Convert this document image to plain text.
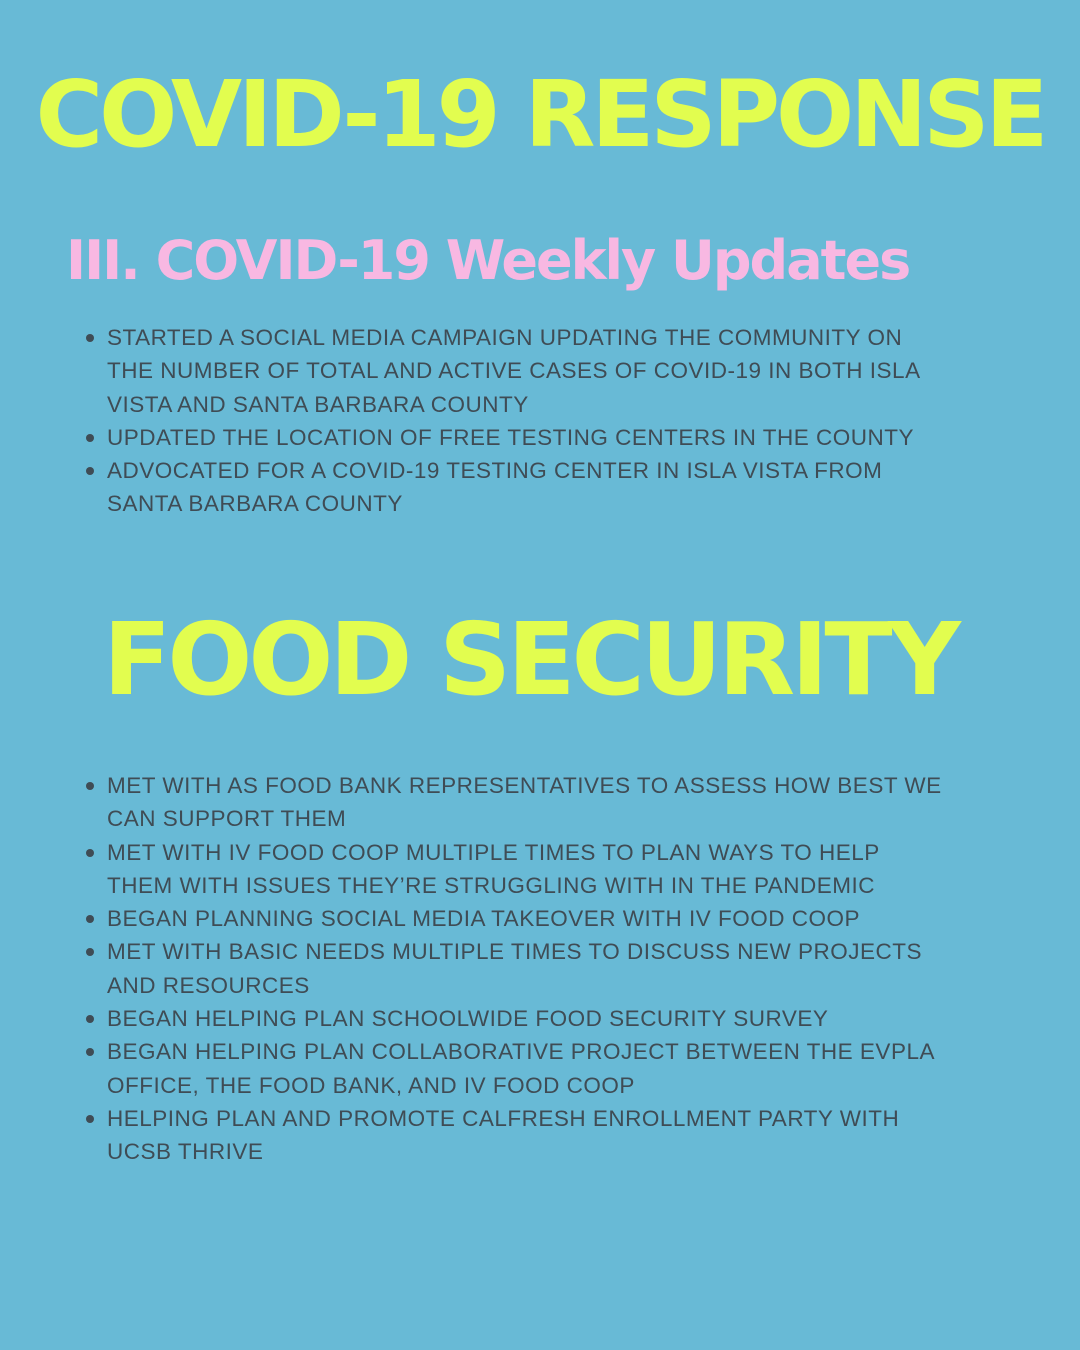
COVID-19 RESPONSE
III. COVID-19 Weekly Updates
STARTED A SOCIAL MEDIA CAMPAIGN UPDATING THE COMMUNITY ON
THE NUMBER OF TOTAL AND ACTIVE CASES OF COVID-19 IN BOTH ISLA
VISTA AND SANTA BARBARA COUNTY
UPDATED THE LOCATION OF FREE TESTING CENTERS IN THE COUNTY
ADVOCATED FOR A COVID-19 TESTING CENTER IN ISLA VISTA FROM
SANTA BARBARA COUNTY
FOOD SECURITY
MET WITH AS FOOD BANK REPRESENTATIVES TO ASSESS HOW BEST WE
CAN SUPPORT THEM
MET WITH IV FOOD COOP MULTIPLE TIMES TO PLAN WAYS TO HELP
THEM WITH ISSUES THEY’RE STRUGGLING WITH IN THE PANDEMIC
BEGAN PLANNING SOCIAL MEDIA TAKEOVER WITH IV FOOD COOP
MET WITH BASIC NEEDS MULTIPLE TIMES TO DISCUSS NEW PROJECTS
AND RESOURCES
BEGAN HELPING PLAN SCHOOLWIDE FOOD SECURITY SURVEY
BEGAN HELPING PLAN COLLABORATIVE PROJECT BETWEEN THE EVPLA
OFFICE, THE FOOD BANK, AND IV FOOD COOP
HELPING PLAN AND PROMOTE CALFRESH ENROLLMENT PARTY WITH
UCSB THRIVE
